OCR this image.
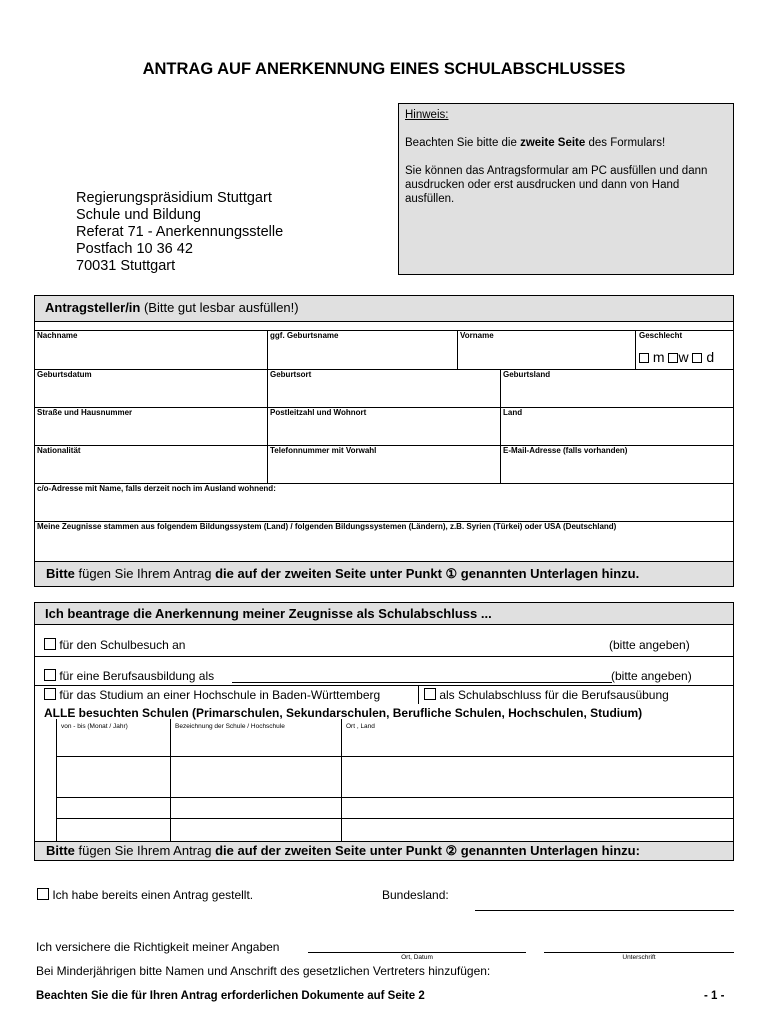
ANTRAG AUF ANERKENNUNG EINES SCHULABSCHLUSSES
Hinweis:

Beachten Sie bitte die zweite Seite des Formulars!

Sie können das Antragsformular am PC ausfüllen und dann ausdrucken oder erst ausdrucken und dann von Hand ausfüllen.

Regierungspräsidium Stuttgart
Schule und Bildung
Referat 71 - Anerkennungsstelle
Postfach 10 36 42
70031 Stuttgart
Antragsteller/in (Bitte gut lesbar ausfüllen!)
Nachname	ggf. Geburtsname	Vorname	Geschlecht
m w d
Geburtsdatum	Geburtsort	Geburtsland
Straße und Hausnummer	Postleitzahl und Wohnort	Land
Nationalität	Telefonnummer mit Vorwahl	E-Mail-Adresse (falls vorhanden)
c/o-Adresse mit Name, falls derzeit noch im Ausland wohnend:
Meine Zeugnisse stammen aus folgendem Bildungssystem (Land) / folgenden Bildungssystemen (Ländern), z.B. Syrien (Türkei) oder USA (Deutschland)
Bitte fügen Sie Ihrem Antrag die auf der zweiten Seite unter Punkt ① genannten Unterlagen hinzu.
Ich beantrage die Anerkennung meiner Zeugnisse als Schulabschluss ...
für den Schulbesuch an	(bitte angeben)
für eine Berufsausbildung als	(bitte angeben)
für das Studium an einer Hochschule in Baden-Württemberg	als Schulabschluss für die Berufsausübung
ALLE besuchten Schulen (Primarschulen, Sekundarschulen, Berufliche Schulen, Hochschulen, Studium)
von - bis (Monat / Jahr)	Bezeichnung der Schule / Hochschule	Ort , Land
Bitte fügen Sie Ihrem Antrag die auf der zweiten Seite unter Punkt ② genannten Unterlagen hinzu:
Ich habe bereits einen Antrag gestellt.	Bundesland:
Ich versichere die Richtigkeit meiner Angaben
Ort, Datum	Unterschrift
Bei Minderjährigen bitte Namen und Anschrift des gesetzlichen Vertreters hinzufügen:
Beachten Sie die für Ihren Antrag erforderlichen Dokumente auf Seite 2	- 1 -
